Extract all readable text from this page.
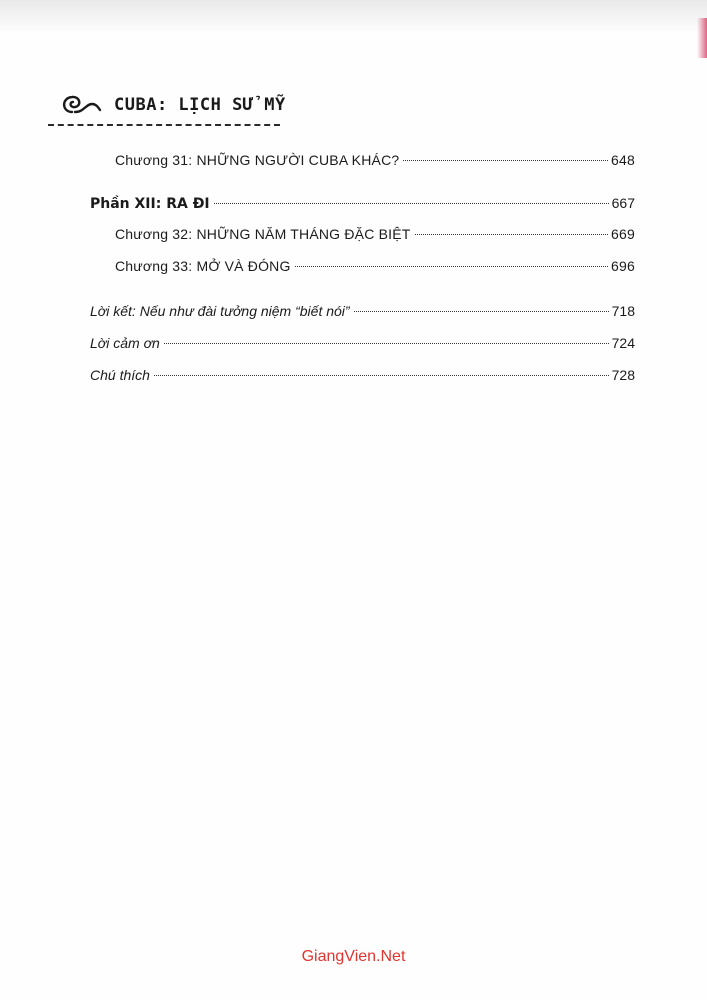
CUBA: LỊCH SỬ MỸ
Chương 31: NHỮNG NGƯỜI CUBA KHÁC?	648
Phần XII: RA ĐI	667
Chương 32: NHỮNG NĂM THÁNG ĐẶC BIỆT	669
Chương 33: MỞ VÀ ĐÓNG	696
Lời kết: Nếu như đài tưởng niệm “biết nói”	718
Lời cảm ơn	724
Chú thích	728
GiangVien.Net
